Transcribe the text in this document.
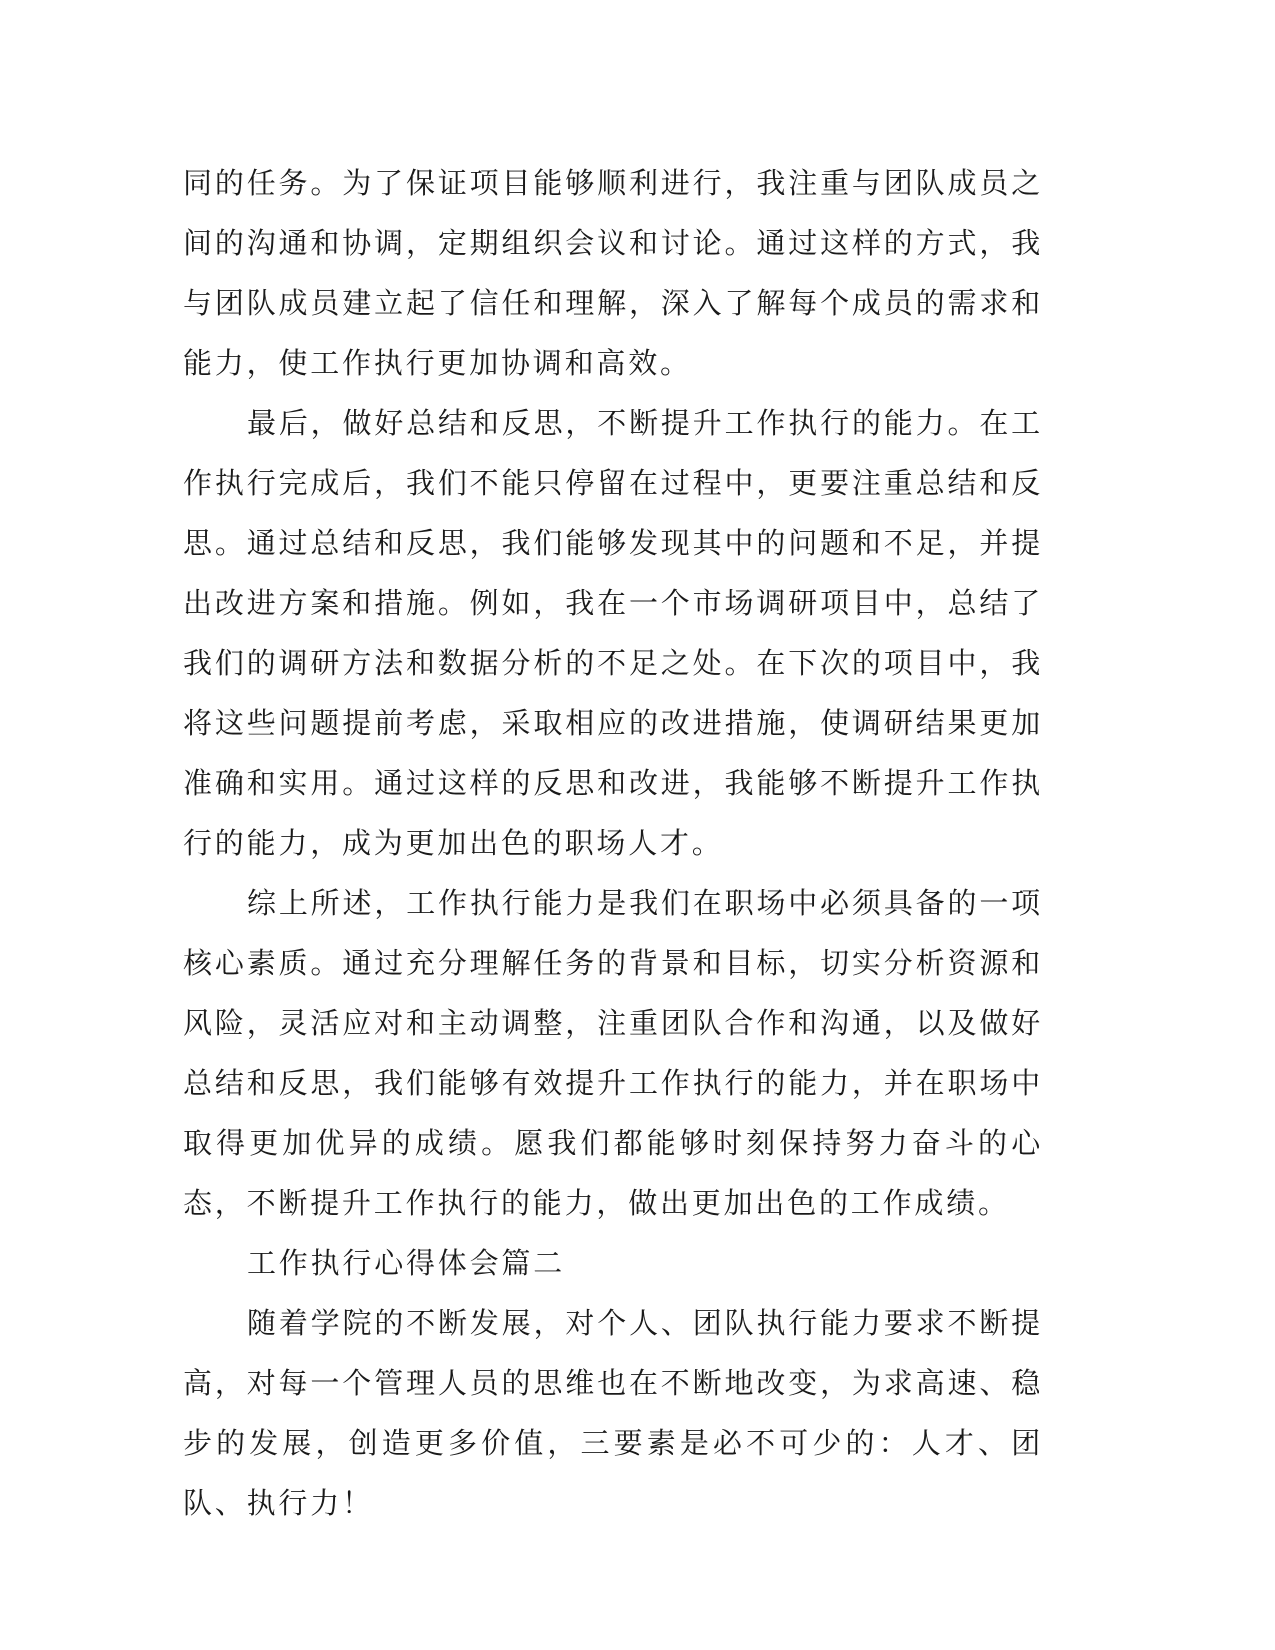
同的任务。为了保证项目能够顺利进行，我注重与团队成员之间的沟通和协调，定期组织会议和讨论。通过这样的方式，我与团队成员建立起了信任和理解，深入了解每个成员的需求和能力，使工作执行更加协调和高效。

最后，做好总结和反思，不断提升工作执行的能力。在工作执行完成后，我们不能只停留在过程中，更要注重总结和反思。通过总结和反思，我们能够发现其中的问题和不足，并提出改进方案和措施。例如，我在一个市场调研项目中，总结了我们的调研方法和数据分析的不足之处。在下次的项目中，我将这些问题提前考虑，采取相应的改进措施，使调研结果更加准确和实用。通过这样的反思和改进，我能够不断提升工作执行的能力，成为更加出色的职场人才。

综上所述，工作执行能力是我们在职场中必须具备的一项核心素质。通过充分理解任务的背景和目标，切实分析资源和风险，灵活应对和主动调整，注重团队合作和沟通，以及做好总结和反思，我们能够有效提升工作执行的能力，并在职场中取得更加优异的成绩。愿我们都能够时刻保持努力奋斗的心态，不断提升工作执行的能力，做出更加出色的工作成绩。

工作执行心得体会篇二

随着学院的不断发展，对个人、团队执行能力要求不断提高，对每一个管理人员的思维也在不断地改变，为求高速、稳步的发展，创造更多价值，三要素是必不可少的：人才、团队、执行力！
